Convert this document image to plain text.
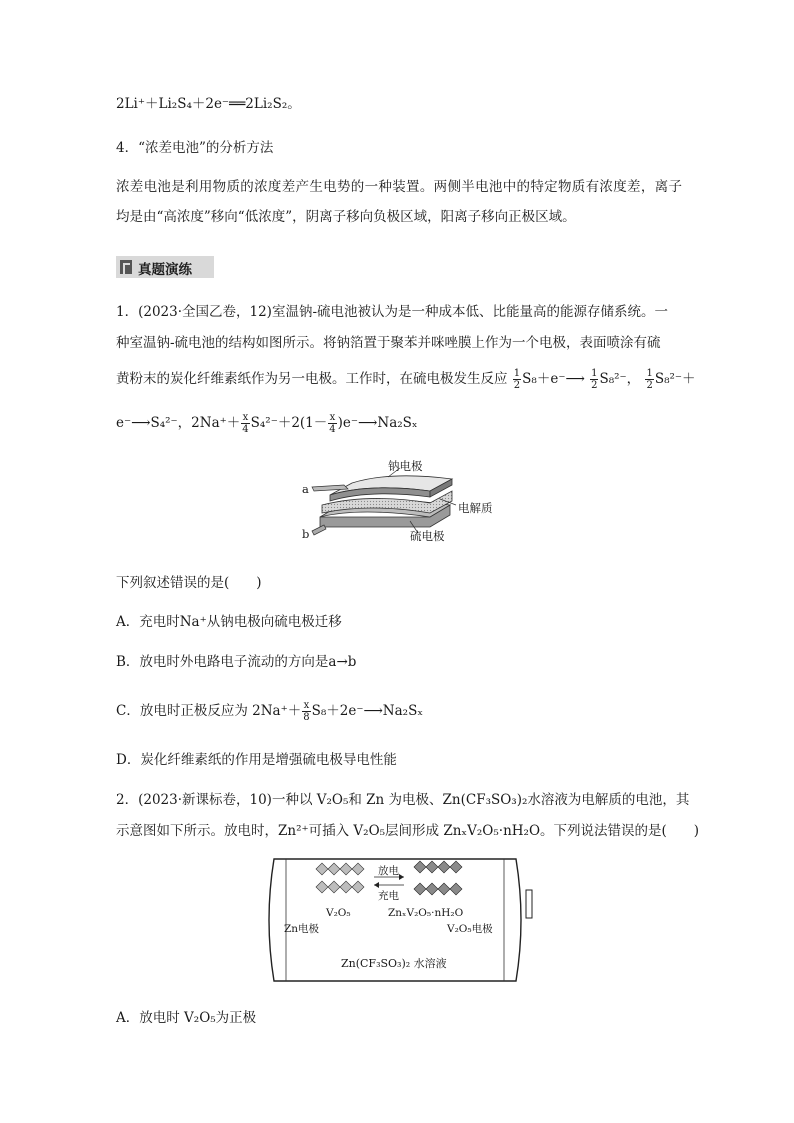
2Li⁺＋Li₂S₄＋2e⁻══2Li₂S₂。
4．“浓差电池”的分析方法
浓差电池是利用物质的浓度差产生电势的一种装置。两侧半电池中的特定物质有浓度差，离子均是由“高浓度”移向“低浓度”，阴离子移向负极区域，阳离子移向正极区域。
真题演练
1．(2023·全国乙卷，12)室温钠-硫电池被认为是一种成本低、比能量高的能源存储系统。一
种室温钠-硫电池的结构如图所示。将钠箔置于聚苯并咪唑膜上作为一个电极，表面喷涂有硫
黄粉末的炭化纤维素纸作为另一电极。工作时，在硫电极发生反应 $\frac{1}{2}$ S₈＋e⁻⟶ $\frac{1}{2} S_8^{2-}$， $\frac{1}{2} S_8^{2-}+$
e⁻⟶S₄²⁻，$2Na^++ \frac{x}{4} S_4^{2-}+2(1- \frac{x}{4}$ )e⁻⟶Na₂Sₓ
钠电极
a
电解质
b	硫电极
下列叙述错误的是(　　)
A．充电时Na⁺从钠电极向硫电极迁移
B．放电时外电路电子流动的方向是a→b
C．放电时正极反应为 $2Na^++ \frac{x}{8}$ S₈＋2e⁻⟶Na₂Sₓ
D．炭化纤维素纸的作用是增强硫电极导电性能
2．(2023·新课标卷，10)一种以 V₂O₅和 Zn 为电极、Zn(CF₃SO₃)₂水溶液为电解质的电池，其
示意图如下所示。放电时，Zn²⁺可插入 V₂O₅层间形成 ZnₓV₂O₅·nH₂O。下列说法错误的是(　　)
放电
充电
V₂O₅	ZnₓV₂O₅·nH₂O
Zn电极	V₂O₅电极
Zn(CF₃SO₃)₂ 水溶液
A．放电时 V₂O₅为正极
